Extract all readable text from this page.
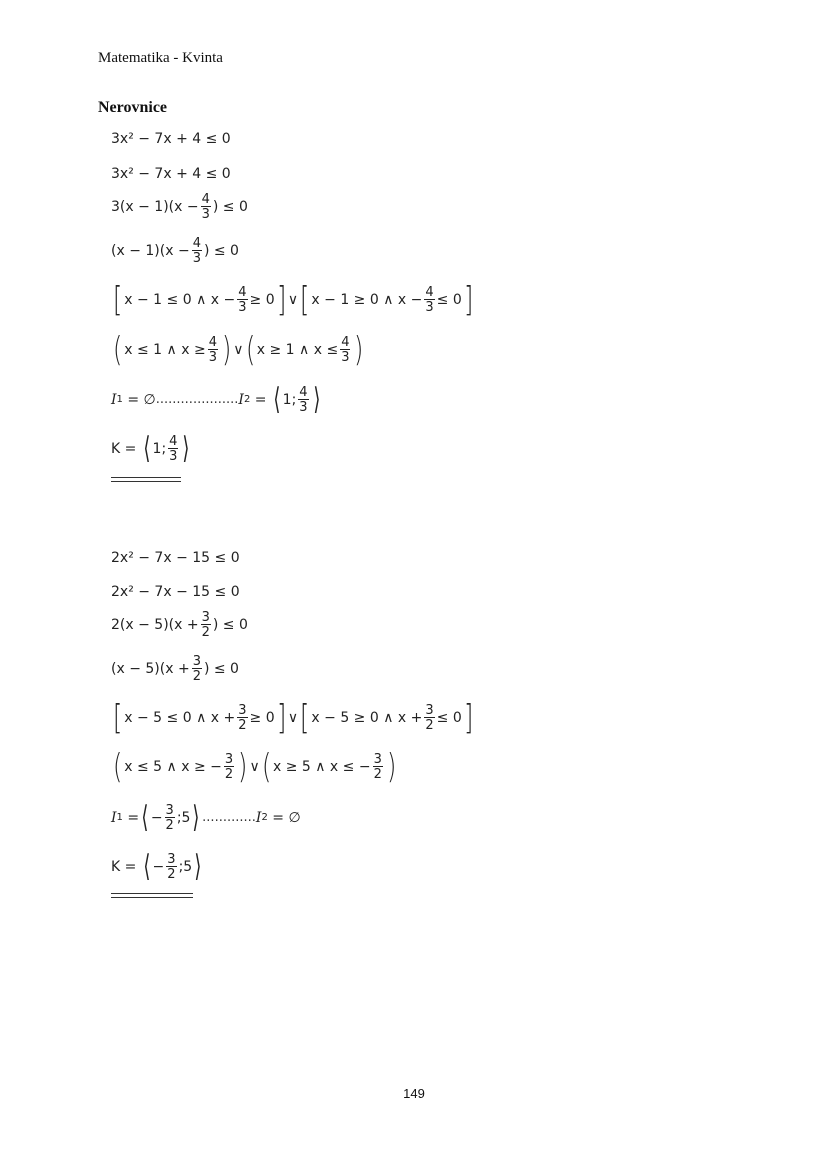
Matematika - Kvinta
Nerovnice
3x² − 7x + 4 ≤ 0
3x² − 7x + 4 ≤ 0
$3(x - 1)(x - \frac{4}{3}$ ) ≤ 0
$(x - 1)(x - \frac{4}{3}$ ) ≤ 0
[ x − 1 ≤ 0 ∧ $x - \frac{4}{3} \ge 0$ ] ∨ [ x − 1 ≥ 0 ∧ $x - \frac{4}{3} \le 0$ ]
( x ≤ 1 ∧ $x \ge \frac{4}{3}$ ) ∨ ( x ≥ 1 ∧ $x \le \frac{4}{3}$ )
I 1
= ∅ .................... I 2
=
⟨ 1; $\frac{4}{3}$ ⟩
K =
⟨ 1; $\frac{4}{3}$ ⟩
2x² − 7x − 15 ≤ 0
2x² − 7x − 15 ≤ 0
$2(x - 5)(x + \frac{3}{2}$ ) ≤ 0
$(x - 5)(x + \frac{3}{2}$ ) ≤ 0
[ x − 5 ≤ 0 ∧ $x + \frac{3}{2} \ge 0$ ] ∨ [ x − 5 ≥ 0 ∧ $x + \frac{3}{2} \le 0$ ]
( x ≤ 5 ∧ x ≥ − $\frac{3}{2}$ ) ∨ ( x ≥ 5 ∧ x ≤ − $\frac{3}{2}$ )
I 1
= ⟨ − $\frac{3}{2}$ ;5 ⟩ ............. I 2
= ∅
K =
⟨ − $\frac{3}{2}$ ;5 ⟩
149
